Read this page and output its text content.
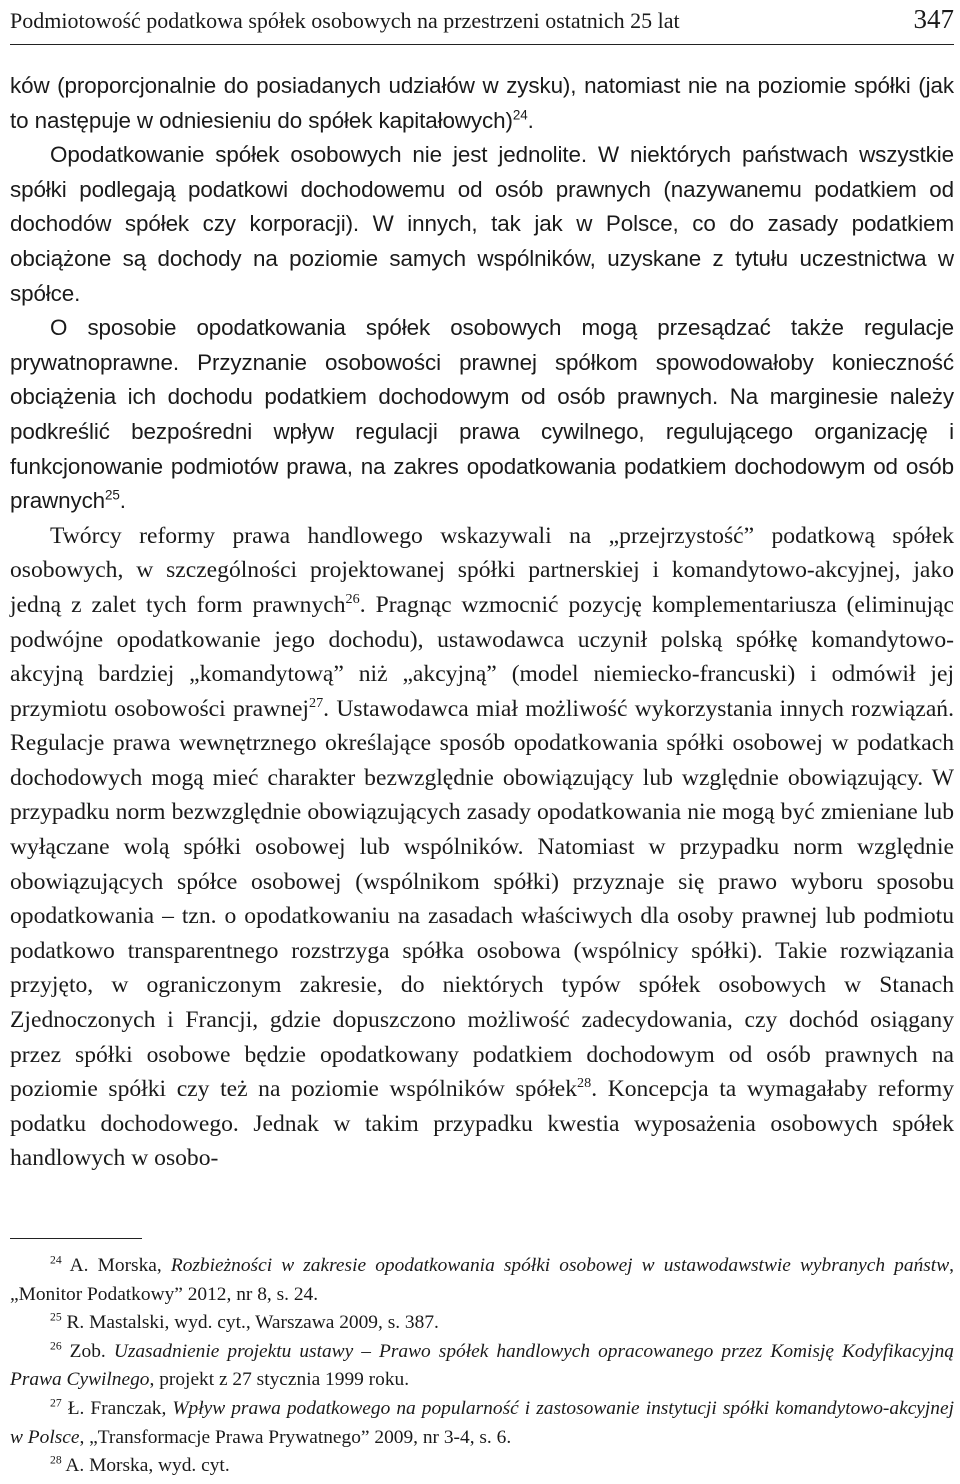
Podmiotowość podatkowa spółek osobowych na przestrzeni ostatnich 25 lat	347

ków (proporcjonalnie do posiadanych udziałów w zysku), natomiast nie na poziomie spółki (jak to następuje w odniesieniu do spółek kapitałowych)$^{24}$.

Opodatkowanie spółek osobowych nie jest jednolite. W niektórych państwach wszystkie spółki podlegają podatkowi dochodowemu od osób prawnych (nazywanemu podatkiem od dochodów spółek czy korporacji). W innych, tak jak w Polsce, co do zasady podatkiem obciążone są dochody na poziomie samych wspólników, uzyskane z tytułu uczestnictwa w spółce.

O sposobie opodatkowania spółek osobowych mogą przesądzać także regulacje prywatnoprawne. Przyznanie osobowości prawnej spółkom spowodowałoby konieczność obciążenia ich dochodu podatkiem dochodowym od osób prawnych. Na marginesie należy podkreślić bezpośredni wpływ regulacji prawa cywilnego, regulującego organizację i funkcjonowanie podmiotów prawa, na zakres opodatkowania podatkiem dochodowym od osób prawnych$^{25}$.

Twórcy reformy prawa handlowego wskazywali na „przejrzystość” podatkową spółek osobowych, w szczególności projektowanej spółki partnerskiej i komandytowo-akcyjnej, jako jedną z zalet tych form prawnych$^{26}$. Pragnąc wzmocnić pozycję komplementariusza (eliminując podwójne opodatkowanie jego dochodu), ustawodawca uczynił polską spółkę komandytowo-akcyjną bardziej „komandytową” niż „akcyjną” (model niemiecko-francuski) i odmówił jej przymiotu osobowości prawnej$^{27}$. Ustawodawca miał możliwość wykorzystania innych rozwiązań. Regulacje prawa wewnętrznego określające sposób opodatkowania spółki osobowej w podatkach dochodowych mogą mieć charakter bezwzględnie obowiązujący lub względnie obowiązujący. W przypadku norm bezwzględnie obowiązujących zasady opodatkowania nie mogą być zmieniane lub wyłączane wolą spółki osobowej lub wspólników. Natomiast w przypadku norm względnie obowiązujących spółce osobowej (wspólnikom spółki) przyznaje się prawo wyboru sposobu opodatkowania – tzn. o opodatkowaniu na zasadach właściwych dla osoby prawnej lub podmiotu podatkowo transparentnego rozstrzyga spółka osobowa (wspólnicy spółki). Takie rozwiązania przyjęto, w ograniczonym zakresie, do niektórych typów spółek osobowych w Stanach Zjednoczonych i Francji, gdzie dopuszczono możliwość zadecydowania, czy dochód osiągany przez spółki osobowe będzie opodatkowany podatkiem dochodowym od osób prawnych na poziomie spółki czy też na poziomie wspólników spółek$^{28}$. Koncepcja ta wymagałaby reformy podatku dochodowego. Jednak w takim przypadku kwestia wyposażenia osobowych spółek handlowych w osobo-

$^{24}$ A. Morska, Rozbieżności w zakresie opodatkowania spółki osobowej w ustawodawstwie wybranych państw, „Monitor Podatkowy” 2012, nr 8, s. 24.

$^{25}$ R. Mastalski, wyd. cyt., Warszawa 2009, s. 387.

$^{26}$ Zob. Uzasadnienie projektu ustawy – Prawo spółek handlowych opracowanego przez Komisję Kodyfikacyjną Prawa Cywilnego, projekt z 27 stycznia 1999 roku.

$^{27}$ Ł. Franczak, Wpływ prawa podatkowego na popularność i zastosowanie instytucji spółki komandytowo-akcyjnej w Polsce, „Transformacje Prawa Prywatnego” 2009, nr 3-4, s. 6.

$^{28}$ A. Morska, wyd. cyt.
